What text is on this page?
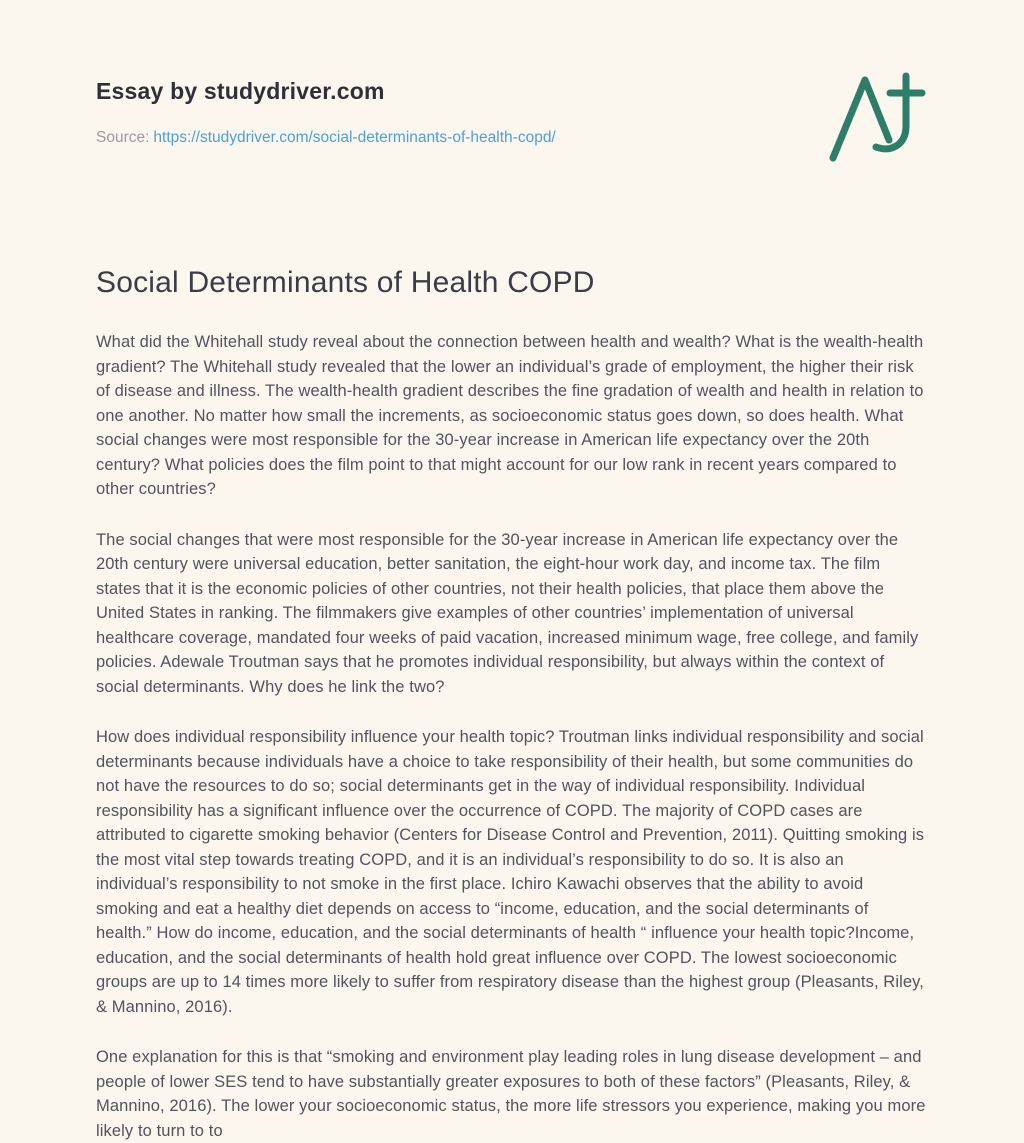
Essay by studydriver.com
Source: https://studydriver.com/social-determinants-of-health-copd/
Social Determinants of Health COPD

What did the Whitehall study reveal about the connection between health and wealth? What is the wealth-health gradient? The Whitehall study revealed that the lower an individual’s grade of employment, the higher their risk of disease and illness. The wealth-health gradient describes the fine gradation of wealth and health in relation to one another. No matter how small the increments, as socioeconomic status goes down, so does health. What social changes were most responsible for the 30-year increase in American life expectancy over the 20th century? What policies does the film point to that might account for our low rank in recent years compared to other countries?

The social changes that were most responsible for the 30-year increase in American life expectancy over the 20th century were universal education, better sanitation, the eight-hour work day, and income tax. The film states that it is the economic policies of other countries, not their health policies, that place them above the United States in ranking. The filmmakers give examples of other countries’ implementation of universal healthcare coverage, mandated four weeks of paid vacation, increased minimum wage, free college, and family policies. Adewale Troutman says that he promotes individual responsibility, but always within the context of social determinants. Why does he link the two?

How does individual responsibility influence your health topic? Troutman links individual responsibility and social determinants because individuals have a choice to take responsibility of their health, but some communities do not have the resources to do so; social determinants get in the way of individual responsibility. Individual responsibility has a significant influence over the occurrence of COPD. The majority of COPD cases are attributed to cigarette smoking behavior (Centers for Disease Control and Prevention, 2011). Quitting smoking is the most vital step towards treating COPD, and it is an individual’s responsibility to do so. It is also an individual’s responsibility to not smoke in the first place. Ichiro Kawachi observes that the ability to avoid smoking and eat a healthy diet depends on access to “income, education, and the social determinants of health.” How do income, education, and the social determinants of health “ influence your health topic?Income, education, and the social determinants of health hold great influence over COPD. The lowest socioeconomic groups are up to 14 times more likely to suffer from respiratory disease than the highest group (Pleasants, Riley, & Mannino, 2016).

One explanation for this is that “smoking and environment play leading roles in lung disease development – and people of lower SES tend to have substantially greater exposures to both of these factors” (Pleasants, Riley, & Mannino, 2016). The lower your socioeconomic status, the more life stressors you experience, making you more likely to turn to to
